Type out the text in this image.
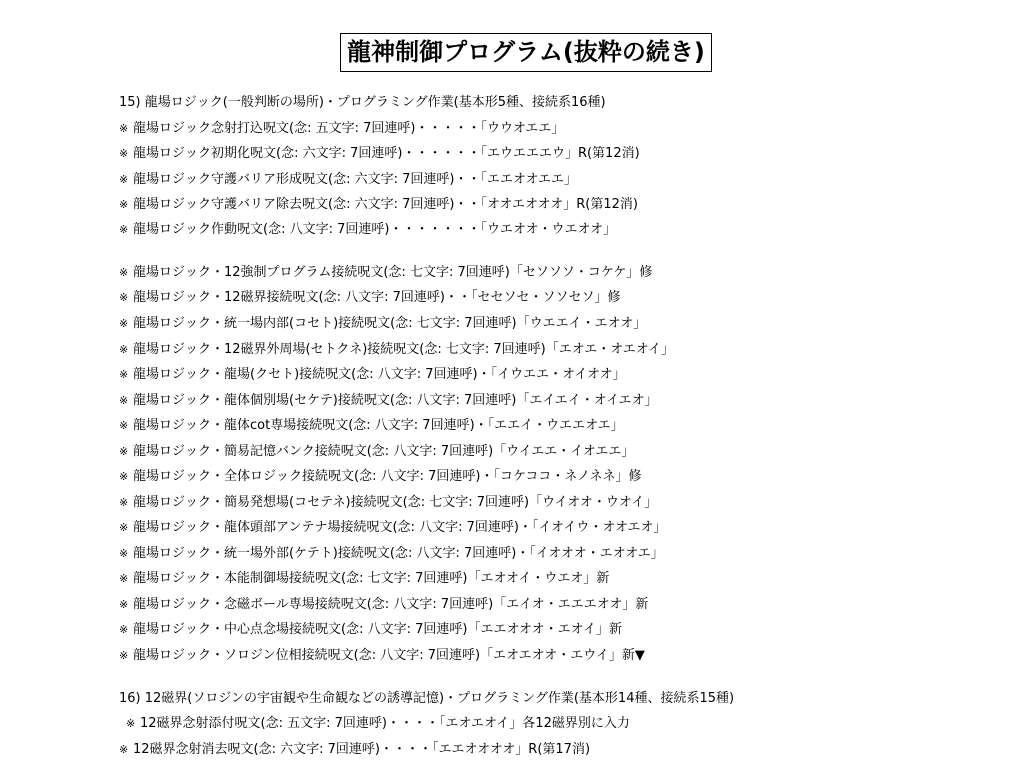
龍神制御プログラム(抜粋の続き)
15) 龍場ロジック(一般判断の場所)・プログラミング作業(基本形5種、接続系16種)
※ 龍場ロジック念射打込呪文(念: 五文字: 7回連呼)・・・・・「ウウオエエ」
※ 龍場ロジック初期化呪文(念: 六文字: 7回連呼)・・・・・・「エウエエエウ」R(第12消)
※ 龍場ロジック守護バリア形成呪文(念: 六文字: 7回連呼)・・「エエオオエエ」
※ 龍場ロジック守護バリア除去呪文(念: 六文字: 7回連呼)・・「オオエオオオ」R(第12消)
※ 龍場ロジック作動呪文(念: 八文字: 7回連呼)・・・・・・・「ウエオオ・ウエオオ」
※ 龍場ロジック・12強制プログラム接続呪文(念: 七文字: 7回連呼)「セソソソ・コケケ」修
※ 龍場ロジック・12磁界接続呪文(念: 八文字: 7回連呼)・・「セセソセ・ソソセソ」修
※ 龍場ロジック・統一場内部(コセト)接続呪文(念: 七文字: 7回連呼)「ウエエイ・エオオ」
※ 龍場ロジック・12磁界外周場(セトクネ)接続呪文(念: 七文字: 7回連呼)「エオエ・オエオイ」
※ 龍場ロジック・龍場(クセト)接続呪文(念: 八文字: 7回連呼)・「イウエエ・オイオオ」
※ 龍場ロジック・龍体個別場(セケテ)接続呪文(念: 八文字: 7回連呼)「エイエイ・オイエオ」
※ 龍場ロジック・龍体cot専場接続呪文(念: 八文字: 7回連呼)・「エエイ・ウエエオエ」
※ 龍場ロジック・簡易記憶バンク接続呪文(念: 八文字: 7回連呼)「ウイエエ・イオエエ」
※ 龍場ロジック・全体ロジック接続呪文(念: 八文字: 7回連呼)・「コケココ・ネノネネ」修
※ 龍場ロジック・簡易発想場(コセテネ)接続呪文(念: 七文字: 7回連呼)「ウイオオ・ウオイ」
※ 龍場ロジック・龍体頭部アンテナ場接続呪文(念: 八文字: 7回連呼)・「イオイウ・オオエオ」
※ 龍場ロジック・統一場外部(ケテト)接続呪文(念: 八文字: 7回連呼)・「イオオオ・エオオエ」
※ 龍場ロジック・本能制御場接続呪文(念: 七文字: 7回連呼)「エオオイ・ウエオ」新
※ 龍場ロジック・念磁ボール専場接続呪文(念: 八文字: 7回連呼)「エイオ・エエエオオ」新
※ 龍場ロジック・中心点念場接続呪文(念: 八文字: 7回連呼)「エエオオオ・エオイ」新
※ 龍場ロジック・ソロジン位相接続呪文(念: 八文字: 7回連呼)「エオエオオ・エウイ」新▼
16) 12磁界(ソロジンの宇宙観や生命観などの誘導記憶)・プログラミング作業(基本形14種、接続系15種)
※ 12磁界念射添付呪文(念: 五文字: 7回連呼)・・・・「エオエオイ」各12磁界別に入力
※ 12磁界念射消去呪文(念: 六文字: 7回連呼)・・・・「エエオオオオ」R(第17消)
